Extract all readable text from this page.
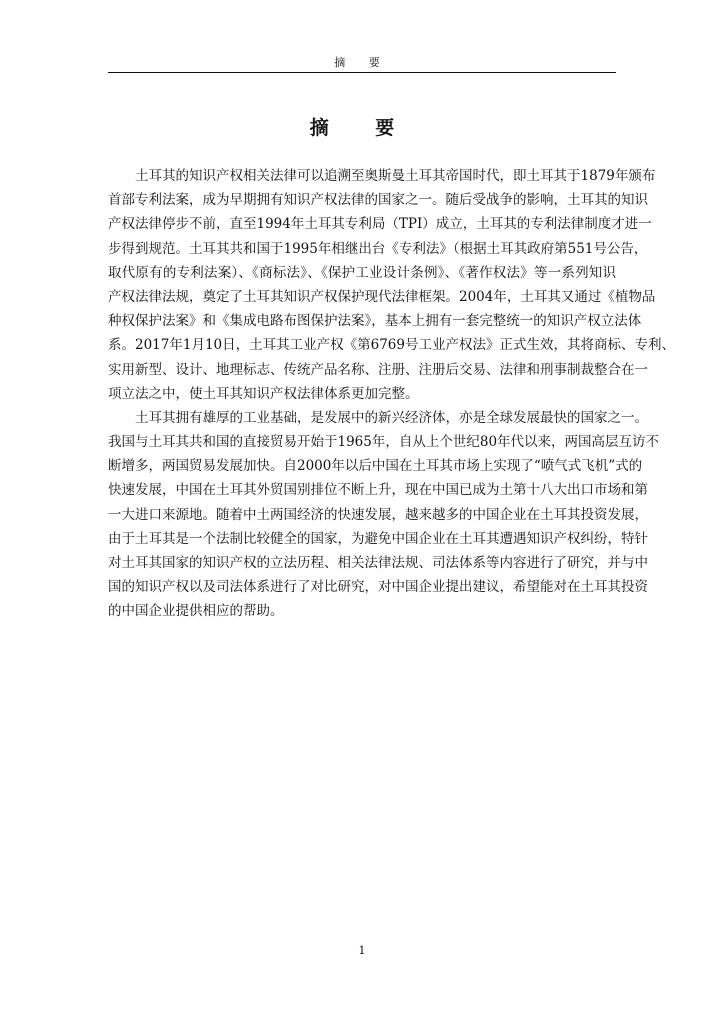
摘 要
摘 要
土耳其的知识产权相关法律可以追溯至奥斯曼土耳其帝国时代，即土耳其于1879年颁布
首部专利法案，成为早期拥有知识产权法律的国家之一。随后受战争的影响，土耳其的知识
产权法律停步不前，直至1994年土耳其专利局（TPI）成立，土耳其的专利法律制度才进一
步得到规范。土耳其共和国于1995年相继出台《专利法》（根据土耳其政府第551号公告，
取代原有的专利法案）、《商标法》、《保护工业设计条例》、《著作权法》等一系列知识
产权法律法规，奠定了土耳其知识产权保护现代法律框架。2004年，土耳其又通过《植物品
种权保护法案》和《集成电路布图保护法案》，基本上拥有一套完整统一的知识产权立法体
系。2017年1月10日，土耳其工业产权《第6769号工业产权法》正式生效，其将商标、专利、
实用新型、设计、地理标志、传统产品名称、注册、注册后交易、法律和刑事制裁整合在一
项立法之中，使土耳其知识产权法律体系更加完整。
土耳其拥有雄厚的工业基础，是发展中的新兴经济体，亦是全球发展最快的国家之一。
我国与土耳其共和国的直接贸易开始于1965年，自从上个世纪80年代以来，两国高层互访不
断增多，两国贸易发展加快。自2000年以后中国在土耳其市场上实现了“喷气式飞机”式的
快速发展，中国在土耳其外贸国别排位不断上升，现在中国已成为土第十八大出口市场和第
一大进口来源地。随着中土两国经济的快速发展，越来越多的中国企业在土耳其投资发展，
由于土耳其是一个法制比较健全的国家，为避免中国企业在土耳其遭遇知识产权纠纷，特针
对土耳其国家的知识产权的立法历程、相关法律法规、司法体系等内容进行了研究，并与中
国的知识产权以及司法体系进行了对比研究，对中国企业提出建议，希望能对在土耳其投资
的中国企业提供相应的帮助。
1
